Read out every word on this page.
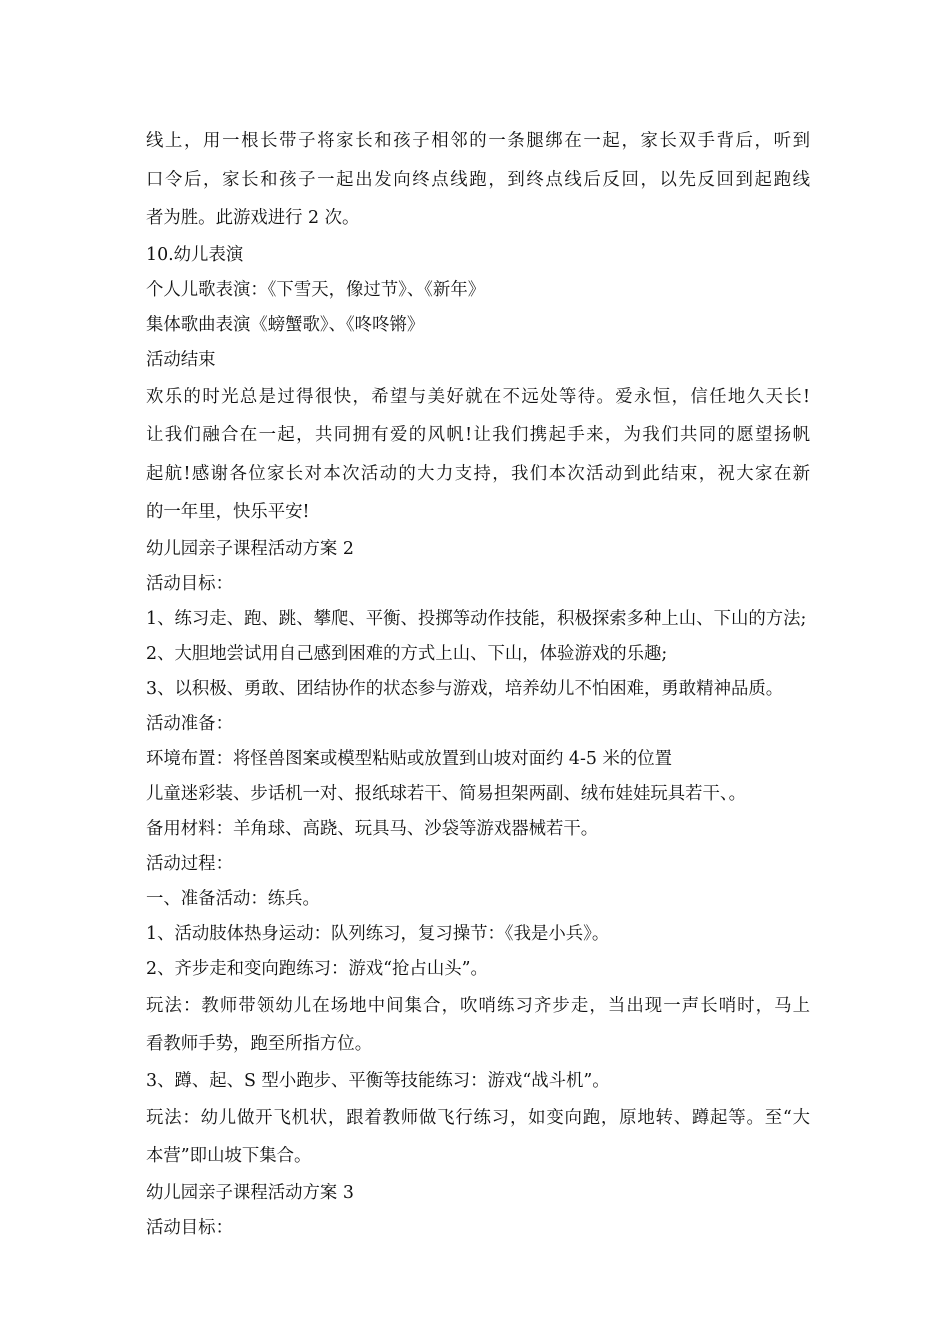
线上，用一根长带子将家长和孩子相邻的一条腿绑在一起，家长双手背后，听到
口令后，家长和孩子一起出发向终点线跑，到终点线后反回，以先反回到起跑线
者为胜。此游戏进行 2 次。
10.幼儿表演
个人儿歌表演：《下雪天，像过节》、《新年》
集体歌曲表演《螃蟹歌》、《咚咚锵》
活动结束
欢乐的时光总是过得很快，希望与美好就在不远处等待。爱永恒，信任地久天长!
让我们融合在一起，共同拥有爱的风帆!让我们携起手来，为我们共同的愿望扬帆
起航!感谢各位家长对本次活动的大力支持，我们本次活动到此结束，祝大家在新
的一年里，快乐平安!
幼儿园亲子课程活动方案 2
活动目标：
1、练习走、跑、跳、攀爬、平衡、投掷等动作技能，积极探索多种上山、下山的方法;
2、大胆地尝试用自己感到困难的方式上山、下山，体验游戏的乐趣;
3、以积极、勇敢、团结协作的状态参与游戏，培养幼儿不怕困难，勇敢精神品质。
活动准备：
环境布置：将怪兽图案或模型粘贴或放置到山坡对面约 4-5 米的位置
儿童迷彩装、步话机一对、报纸球若干、简易担架两副、绒布娃娃玩具若干、。
备用材料：羊角球、高跷、玩具马、沙袋等游戏器械若干。
活动过程：
一、准备活动：练兵。
1、活动肢体热身运动：队列练习，复习操节：《我是小兵》。
2、齐步走和变向跑练习：游戏“抢占山头”。
玩法：教师带领幼儿在场地中间集合，吹哨练习齐步走，当出现一声长哨时，马上
看教师手势，跑至所指方位。
3、蹲、起、S 型小跑步、平衡等技能练习：游戏“战斗机”。
玩法：幼儿做开飞机状，跟着教师做飞行练习，如变向跑，原地转、蹲起等。至“大
本营”即山坡下集合。
幼儿园亲子课程活动方案 3
活动目标：
